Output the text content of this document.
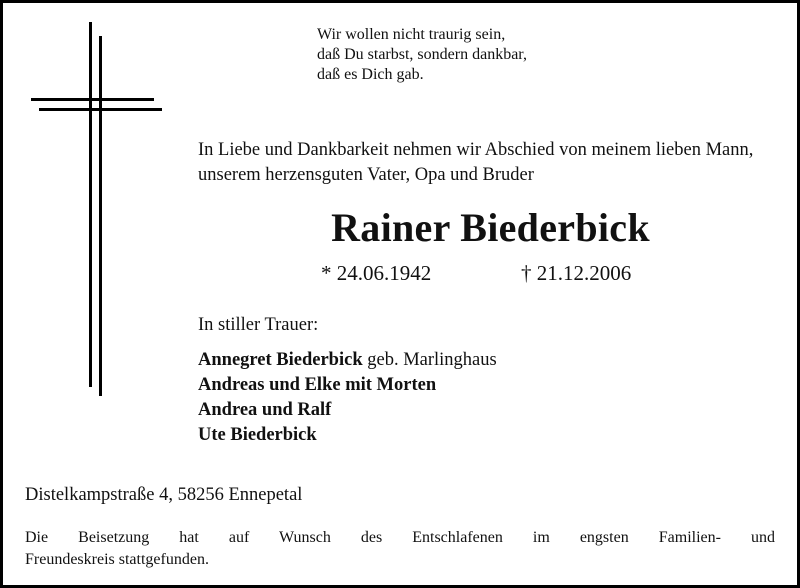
Wir wollen nicht traurig sein,
daß Du starbst, sondern dankbar,
daß es Dich gab.
In Liebe und Dankbarkeit nehmen wir Abschied von meinem lieben Mann, unserem herzensguten Vater, Opa und Bruder
Rainer Biederbick
* 24.06.1942	† 21.12.2006
In stiller Trauer:
Annegret Biederbick geb. Marlinghaus
Andreas und Elke mit Morten
Andrea und Ralf
Ute Biederbick
Distelkampstraße 4, 58256 Ennepetal
Die Beisetzung hat auf Wunsch des Entschlafenen im engsten Familien- und
Freundeskreis stattgefunden.
